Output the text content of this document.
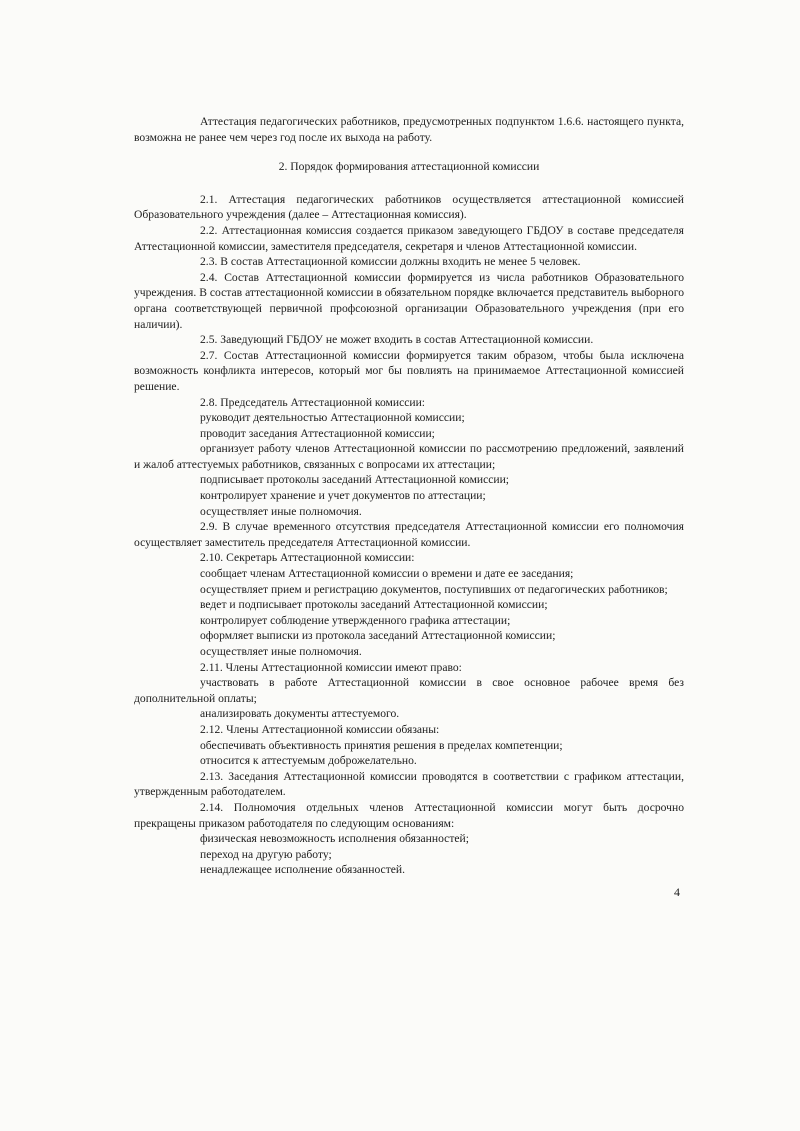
Аттестация педагогических работников, предусмотренных подпунктом 1.6.6. настоящего пункта, возможна не ранее чем через год после их выхода на работу.

2. Порядок формирования аттестационной комиссии

2.1. Аттестация педагогических работников осуществляется аттестационной комиссией Образовательного учреждения (далее – Аттестационная комиссия).

2.2. Аттестационная комиссия создается приказом заведующего ГБДОУ в составе председателя Аттестационной комиссии, заместителя председателя, секретаря и членов Аттестационной комиссии.

2.3. В состав Аттестационной комиссии должны входить не менее 5 человек.

2.4. Состав Аттестационной комиссии формируется из числа работников Образовательного учреждения. В состав аттестационной комиссии в обязательном порядке включается представитель выборного органа соответствующей первичной профсоюзной организации Образовательного учреждения (при его наличии).

2.5. Заведующий ГБДОУ не может входить в состав Аттестационной комиссии.

2.7. Состав Аттестационной комиссии формируется таким образом, чтобы была исключена возможность конфликта интересов, который мог бы повлиять на принимаемое Аттестационной комиссией решение.

2.8. Председатель Аттестационной комиссии:

руководит деятельностью Аттестационной комиссии;

проводит заседания Аттестационной комиссии;

организует работу членов Аттестационной комиссии по рассмотрению предложений, заявлений и жалоб аттестуемых работников, связанных с вопросами их аттестации;

подписывает протоколы заседаний Аттестационной комиссии;

контролирует хранение и учет документов по аттестации;

осуществляет иные полномочия.

2.9. В случае временного отсутствия председателя Аттестационной комиссии его полномочия осуществляет заместитель председателя Аттестационной комиссии.

2.10. Секретарь Аттестационной комиссии:

сообщает членам Аттестационной комиссии о времени и дате ее заседания;

осуществляет прием и регистрацию документов, поступивших от педагогических работников;

ведет и подписывает протоколы заседаний Аттестационной комиссии;

контролирует соблюдение утвержденного графика аттестации;

оформляет выписки из протокола заседаний Аттестационной комиссии;

осуществляет иные полномочия.

2.11. Члены Аттестационной комиссии имеют право:

участвовать в работе Аттестационной комиссии в свое основное рабочее время без дополнительной оплаты;

анализировать документы аттестуемого.

2.12. Члены Аттестационной комиссии обязаны:

обеспечивать объективность принятия решения в пределах компетенции;

относится к аттестуемым доброжелательно.

2.13. Заседания Аттестационной комиссии проводятся в соответствии с графиком аттестации, утвержденным работодателем.

2.14. Полномочия отдельных членов Аттестационной комиссии могут быть досрочно прекращены приказом работодателя по следующим основаниям:

физическая невозможность исполнения обязанностей;

переход на другую работу;

ненадлежащее исполнение обязанностей.

4
